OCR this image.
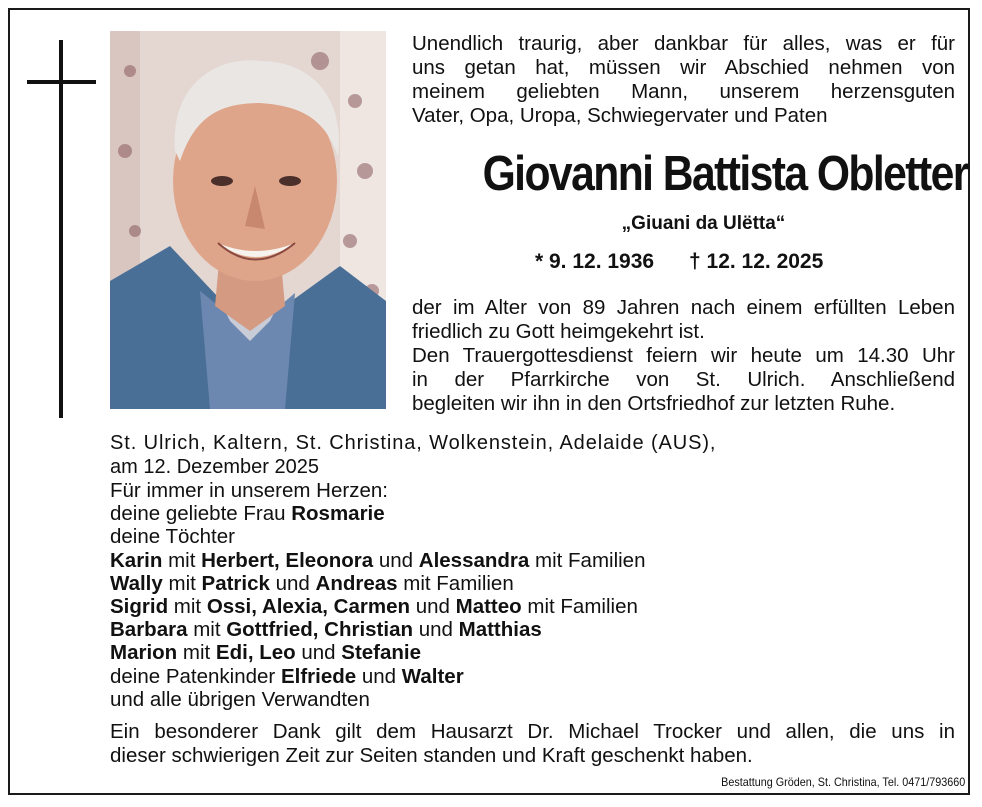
Unendlich traurig, aber dankbar für alles, was er für
uns getan hat, müssen wir Abschied nehmen von
meinem geliebten Mann, unserem herzensguten
Vater, Opa, Uropa, Schwiegervater und Paten
Giovanni Battista Obletter
„Giuani da Ulëtta“
* 9. 12. 1936 † 12. 12. 2025
der im Alter von 89 Jahren nach einem erfüllten Leben
friedlich zu Gott heimgekehrt ist.
Den Trauergottesdienst feiern wir heute um 14.30 Uhr
in der Pfarrkirche von St. Ulrich. Anschließend
begleiten wir ihn in den Ortsfriedhof zur letzten Ruhe.
St. Ulrich, Kaltern, St. Christina, Wolkenstein, Adelaide (AUS),
am 12. Dezember 2025
Für immer in unserem Herzen:
deine geliebte Frau Rosmarie
deine Töchter
Karin mit Herbert, Eleonora und Alessandra mit Familien
Wally mit Patrick und Andreas mit Familien
Sigrid mit Ossi, Alexia, Carmen und Matteo mit Familien
Barbara mit Gottfried, Christian und Matthias
Marion mit Edi, Leo und Stefanie
deine Patenkinder Elfriede und Walter
und alle übrigen Verwandten
Ein besonderer Dank gilt dem Hausarzt Dr. Michael Trocker und allen, die uns in
dieser schwierigen Zeit zur Seiten standen und Kraft geschenkt haben.
Bestattung Gröden, St. Christina, Tel. 0471/793660
